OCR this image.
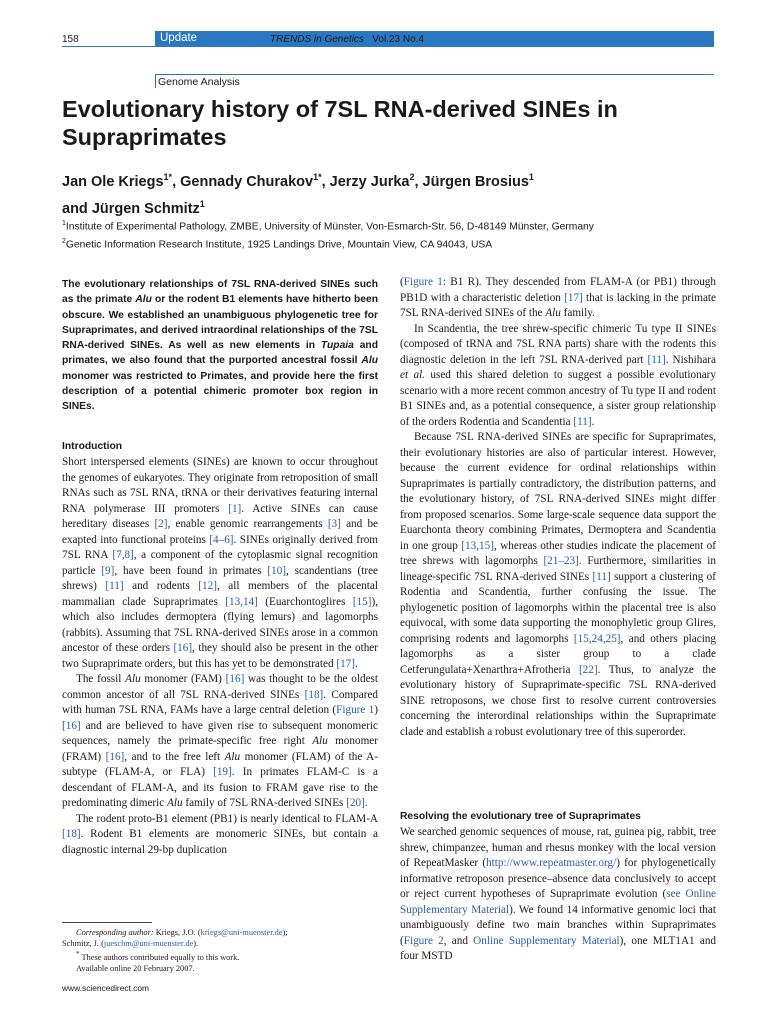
158	Update	TRENDS in Genetics Vol.23 No.4
Genome Analysis
Evolutionary history of 7SL RNA-derived SINEs in Supraprimates
Jan Ole Kriegs$^{1*}$, Gennady Churakov$^{1*}$, Jerzy Jurka$^2$, Jürgen Brosius$^1$
and Jürgen Schmitz$^1$
$^1$Institute of Experimental Pathology, ZMBE, University of Münster, Von-Esmarch-Str. 56, D-48149 Münster, Germany
$^2$Genetic Information Research Institute, 1925 Landings Drive, Mountain View, CA 94043, USA
The evolutionary relationships of 7SL RNA-derived SINEs such as the primate Alu or the rodent B1 elements have hitherto been obscure. We established an unambiguous phylogenetic tree for Supraprimates, and derived intraordinal relationships of the 7SL RNA-derived SINEs. As well as new elements in Tupaia and primates, we also found that the purported ancestral fossil Alu monomer was restricted to Primates, and provide here the first description of a potential chimeric promoter box region in SINEs.
Introduction

Short interspersed elements (SINEs) are known to occur throughout the genomes of eukaryotes. They originate from retroposition of small RNAs such as 7SL RNA, tRNA or their derivatives featuring internal RNA polymerase III promoters [1]. Active SINEs can cause hereditary diseases [2], enable genomic rearrangements [3] and be exapted into functional proteins [4–6]. SINEs originally derived from 7SL RNA [7,8], a component of the cytoplasmic signal recognition particle [9], have been found in primates [10], scandentians (tree shrews) [11] and rodents [12], all members of the placental mammalian clade Supraprimates [13,14] (Euarchontoglires [15]), which also includes dermoptera (flying lemurs) and lagomorphs (rabbits). Assuming that 7SL RNA-derived SINEs arose in a common ancestor of these orders [16], they should also be present in the other two Supraprimate orders, but this has yet to be demonstrated [17].

The fossil Alu monomer (FAM) [16] was thought to be the oldest common ancestor of all 7SL RNA-derived SINEs [18]. Compared with human 7SL RNA, FAMs have a large central deletion (Figure 1) [16] and are believed to have given rise to subsequent monomeric sequences, namely the primate-specific free right Alu monomer (FRAM) [16], and to the free left Alu monomer (FLAM) of the A-subtype (FLAM-A, or FLA) [19]. In primates FLAM-C is a descendant of FLAM-A, and its fusion to FRAM gave rise to the predominating dimeric Alu family of 7SL RNA-derived SINEs [20].

The rodent proto-B1 element (PB1) is nearly identical to FLAM-A [18]. Rodent B1 elements are monomeric SINEs, but contain a diagnostic internal 29-bp duplication

(Figure 1: B1 R). They descended from FLAM-A (or PB1) through PB1D with a characteristic deletion [17] that is lacking in the primate 7SL RNA-derived SINEs of the Alu family.

In Scandentia, the tree shrew-specific chimeric Tu type II SINEs (composed of tRNA and 7SL RNA parts) share with the rodents this diagnostic deletion in the left 7SL RNA-derived part [11]. Nishihara et al. used this shared deletion to suggest a possible evolutionary scenario with a more recent common ancestry of Tu type II and rodent B1 SINEs and, as a potential consequence, a sister group relationship of the orders Rodentia and Scandentia [11].

Because 7SL RNA-derived SINEs are specific for Supraprimates, their evolutionary histories are also of particular interest. However, because the current evidence for ordinal relationships within Supraprimates is partially contradictory, the distribution patterns, and the evolutionary history, of 7SL RNA-derived SINEs might differ from proposed scenarios. Some large-scale sequence data support the Euarchonta theory combining Primates, Dermoptera and Scandentia in one group [13,15], whereas other studies indicate the placement of tree shrews with lagomorphs [21–23]. Furthermore, similarities in lineage-specific 7SL RNA-derived SINEs [11] support a clustering of Rodentia and Scandentia, further confusing the issue. The phylogenetic position of lagomorphs within the placental tree is also equivocal, with some data supporting the monophyletic group Glires, comprising rodents and lagomorphs [15,24,25], and others placing lagomorphs as a sister group to a clade Cetferungulata+Xenarthra+Afrotheria [22]. Thus, to analyze the evolutionary history of Supraprimate-specific 7SL RNA-derived SINE retroposons, we chose first to resolve current controversies concerning the interordinal relationships within the Supraprimate clade and establish a robust evolutionary tree of this superorder.

Resolving the evolutionary tree of Supraprimates

We searched genomic sequences of mouse, rat, guinea pig, rabbit, tree shrew, chimpanzee, human and rhesus monkey with the local version of RepeatMasker (http://www.repeatmaster.org/) for phylogenetically informative retroposon presence–absence data conclusively to accept or reject current hypotheses of Supraprimate evolution (see Online Supplementary Material). We found 14 informative genomic loci that unambiguously define two main branches within Supraprimates (Figure 2, and Online Supplementary Material), one MLT1A1 and four MSTD

Corresponding author: Kriegs, J.O. (kriegs@uni-muenster.de);

Schmitz, J. (jueschm@uni-muenster.de).

* These authors contributed equally to this work.

Available online 20 February 2007.

www.sciencedirect.com
